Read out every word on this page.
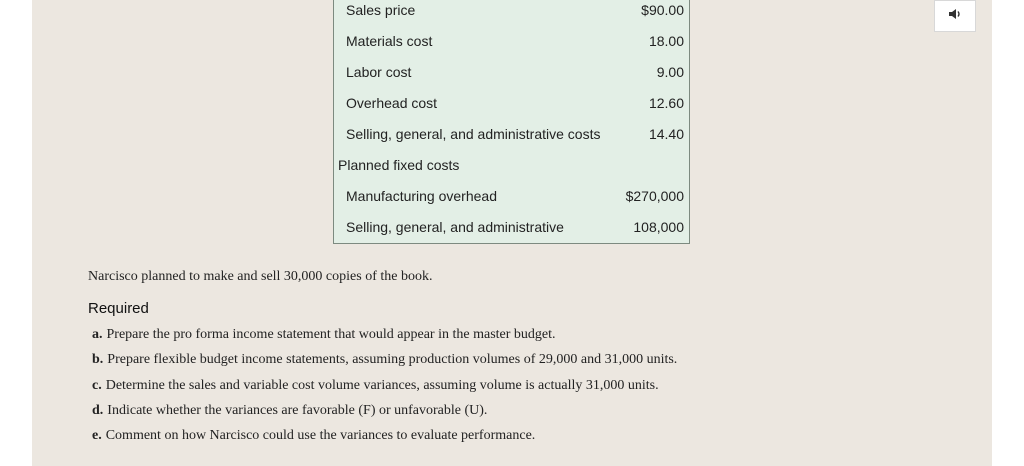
Sales price	$90.00
Materials cost	18.00
Labor cost	9.00
Overhead cost	12.60
Selling, general, and administrative costs	14.40
Planned fixed costs
Manufacturing overhead	$270,000
Selling, general, and administrative	108,000
Narcisco planned to make and sell 30,000 copies of the book.
Required
a. Prepare the pro forma income statement that would appear in the master budget.
b. Prepare flexible budget income statements, assuming production volumes of 29,000 and 31,000 units.
c. Determine the sales and variable cost volume variances, assuming volume is actually 31,000 units.
d. Indicate whether the variances are favorable (F) or unfavorable (U).
e. Comment on how Narcisco could use the variances to evaluate performance.
